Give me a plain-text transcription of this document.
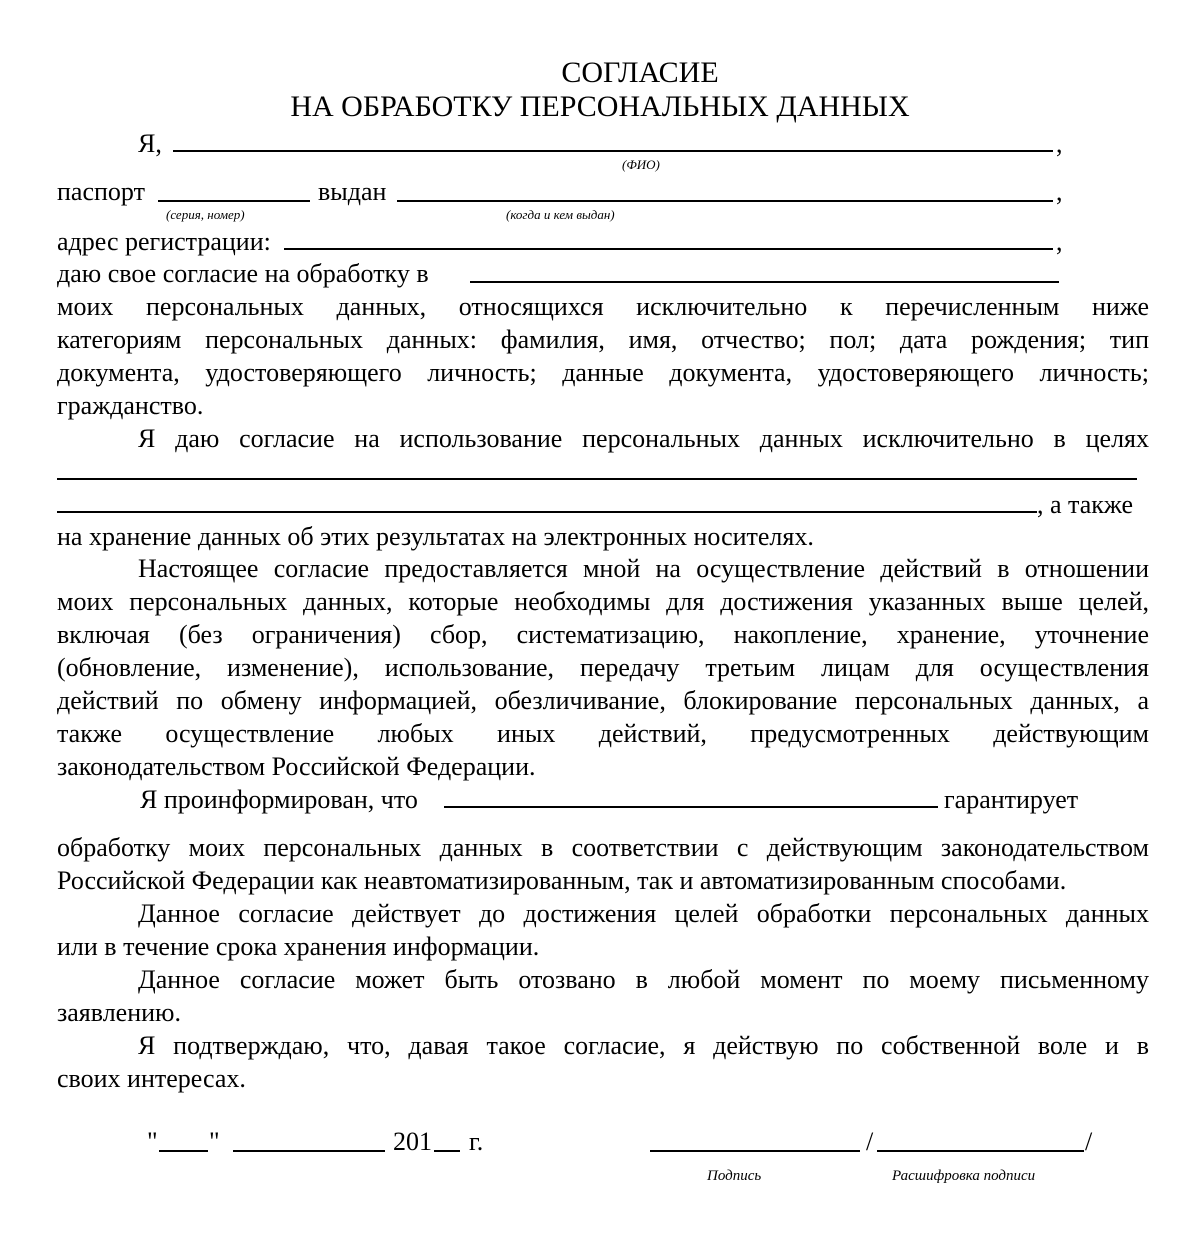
СОГЛАСИЕ
НА ОБРАБОТКУ ПЕРСОНАЛЬНЫХ ДАННЫХ
Я,	,
(ФИО)
паспорт
(серия, номер)
выдан	,
(когда и кем выдан)
адрес регистрации:	,
даю свое согласие на обработку в
моих персональных данных, относящихся исключительно к перечисленным ниже
категориям персональных данных: фамилия, имя, отчество; пол; дата рождения; тип
документа, удостоверяющего личность; данные документа, удостоверяющего личность;
гражданство.
Я даю согласие на использование персональных данных исключительно в целях
, а также
на хранение данных об этих результатах на электронных носителях.
Настоящее согласие предоставляется мной на осуществление действий в отношении
моих персональных данных, которые необходимы для достижения указанных выше целей,
включая (без ограничения) сбор, систематизацию, накопление, хранение, уточнение
(обновление, изменение), использование, передачу третьим лицам для осуществления
действий по обмену информацией, обезличивание, блокирование персональных данных, а
также осуществление любых иных действий, предусмотренных действующим
законодательством Российской Федерации.
Я проинформирован, что	гарантирует
обработку моих персональных данных в соответствии с действующим законодательством
Российской Федерации как неавтоматизированным, так и автоматизированным способами.
Данное согласие действует до достижения целей обработки персональных данных
или в течение срока хранения информации.
Данное согласие может быть отозвано в любой момент по моему письменному
заявлению.
Я подтверждаю, что, давая такое согласие, я действую по собственной воле и в
своих интересах.
" "	201 г.	/	/
Подпись	Расшифровка подписи
